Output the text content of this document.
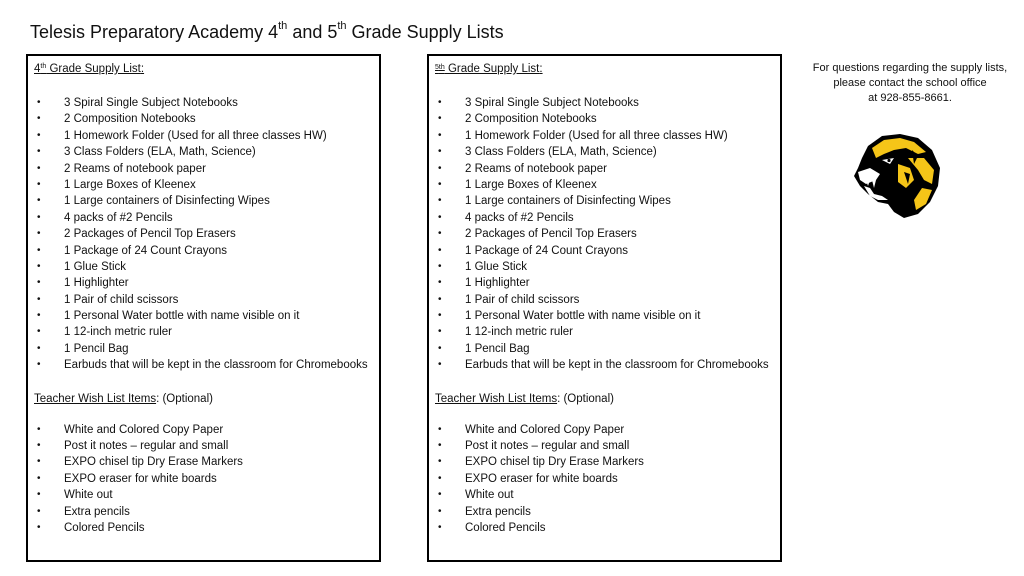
Telesis Preparatory Academy 4th and 5th Grade Supply Lists
4th Grade Supply List:
• 3 Spiral Single Subject Notebooks
• 2 Composition Notebooks
• 1 Homework Folder (Used for all three classes HW)
• 3 Class Folders (ELA, Math, Science)
• 2 Reams of notebook paper
• 1 Large Boxes of Kleenex
• 1 Large containers of Disinfecting Wipes
• 4 packs of #2 Pencils
• 2 Packages of Pencil Top Erasers
• 1 Package of 24 Count Crayons
• 1 Glue Stick
• 1 Highlighter
• 1 Pair of child scissors
• 1 Personal Water bottle with name visible on it
• 1 12-inch metric ruler
• 1 Pencil Bag
• Earbuds that will be kept in the classroom for Chromebooks
Teacher Wish List Items: (Optional)
• White and Colored Copy Paper
• Post it notes – regular and small
• EXPO chisel tip Dry Erase Markers
• EXPO eraser for white boards
• White out
• Extra pencils
• Colored Pencils
$^{5th}$ Grade Supply List:
• 3 Spiral Single Subject Notebooks
• 2 Composition Notebooks
• 1 Homework Folder (Used for all three classes HW)
• 3 Class Folders (ELA, Math, Science)
• 2 Reams of notebook paper
• 1 Large Boxes of Kleenex
• 1 Large containers of Disinfecting Wipes
• 4 packs of #2 Pencils
• 2 Packages of Pencil Top Erasers
• 1 Package of 24 Count Crayons
• 1 Glue Stick
• 1 Highlighter
• 1 Pair of child scissors
• 1 Personal Water bottle with name visible on it
• 1 12-inch metric ruler
• 1 Pencil Bag
• Earbuds that will be kept in the classroom for Chromebooks
Teacher Wish List Items: (Optional)
• White and Colored Copy Paper
• Post it notes – regular and small
• EXPO chisel tip Dry Erase Markers
• EXPO eraser for white boards
• White out
• Extra pencils
• Colored Pencils
For questions regarding the supply lists,
please contact the school office
at 928-855-8661.
